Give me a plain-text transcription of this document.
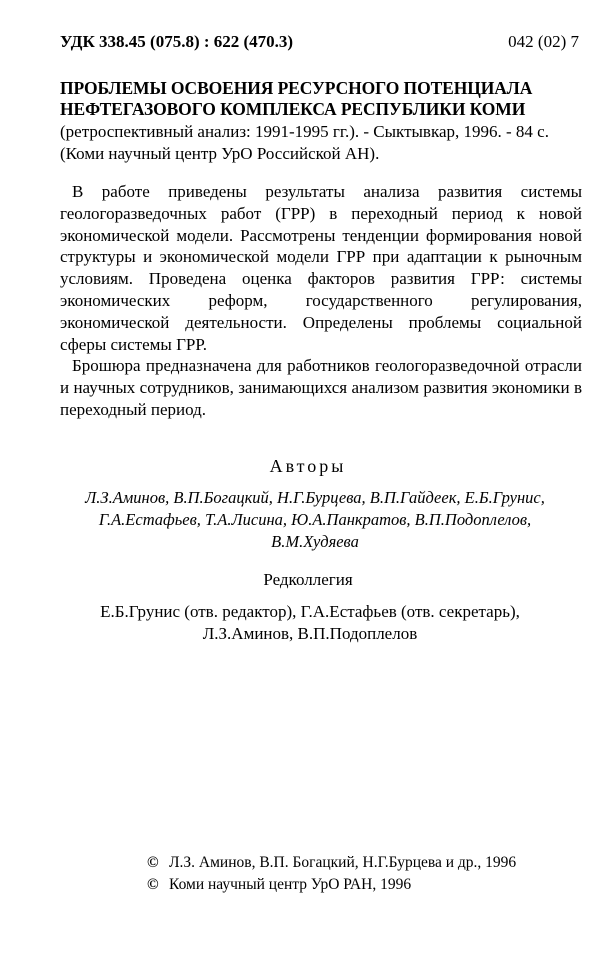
УДК 338.45 (075.8) : 622 (470.3)	042 (02) 7
ПРОБЛЕМЫ ОСВОЕНИЯ РЕСУРСНОГО ПОТЕНЦИАЛА
НЕФТЕГАЗОВОГО КОМПЛЕКСА РЕСПУБЛИКИ КОМИ
(ретроспективный анализ: 1991-1995 гг.). - Сыктывкар, 1996. - 84 с. (Коми научный центр УрО Российской АН).

В работе приведены результаты анализа развития системы геологоразведочных работ (ГРР) в переходный период к новой экономической модели. Рассмотрены тенденции формирования новой структуры и экономической модели ГРР при адаптации к рыночным условиям. Проведена оценка факторов развития ГРР: системы экономических реформ, государственного регулирования, экономической деятельности. Определены проблемы социальной сферы системы ГРР.

Брошюра предназначена для работников геологоразведочной отрасли и научных сотрудников, занимающихся анализом развития экономики в переходный период.

Авторы
Л.З.Аминов, В.П.Богацкий, Н.Г.Бурцева, В.П.Гайдеек, Е.Б.Грунис,
Г.А.Естафьев, Т.А.Лисина, Ю.А.Панкратов, В.П.Подоплелов,
В.М.Худяева
Редколлегия
Е.Б.Грунис (отв. редактор), Г.А.Естафьев (отв. секретарь),
Л.З.Аминов, В.П.Подоплелов
© Л.З. Аминов, В.П. Богацкий, Н.Г.Бурцева и др., 1996
© Коми научный центр УрО РАН, 1996
